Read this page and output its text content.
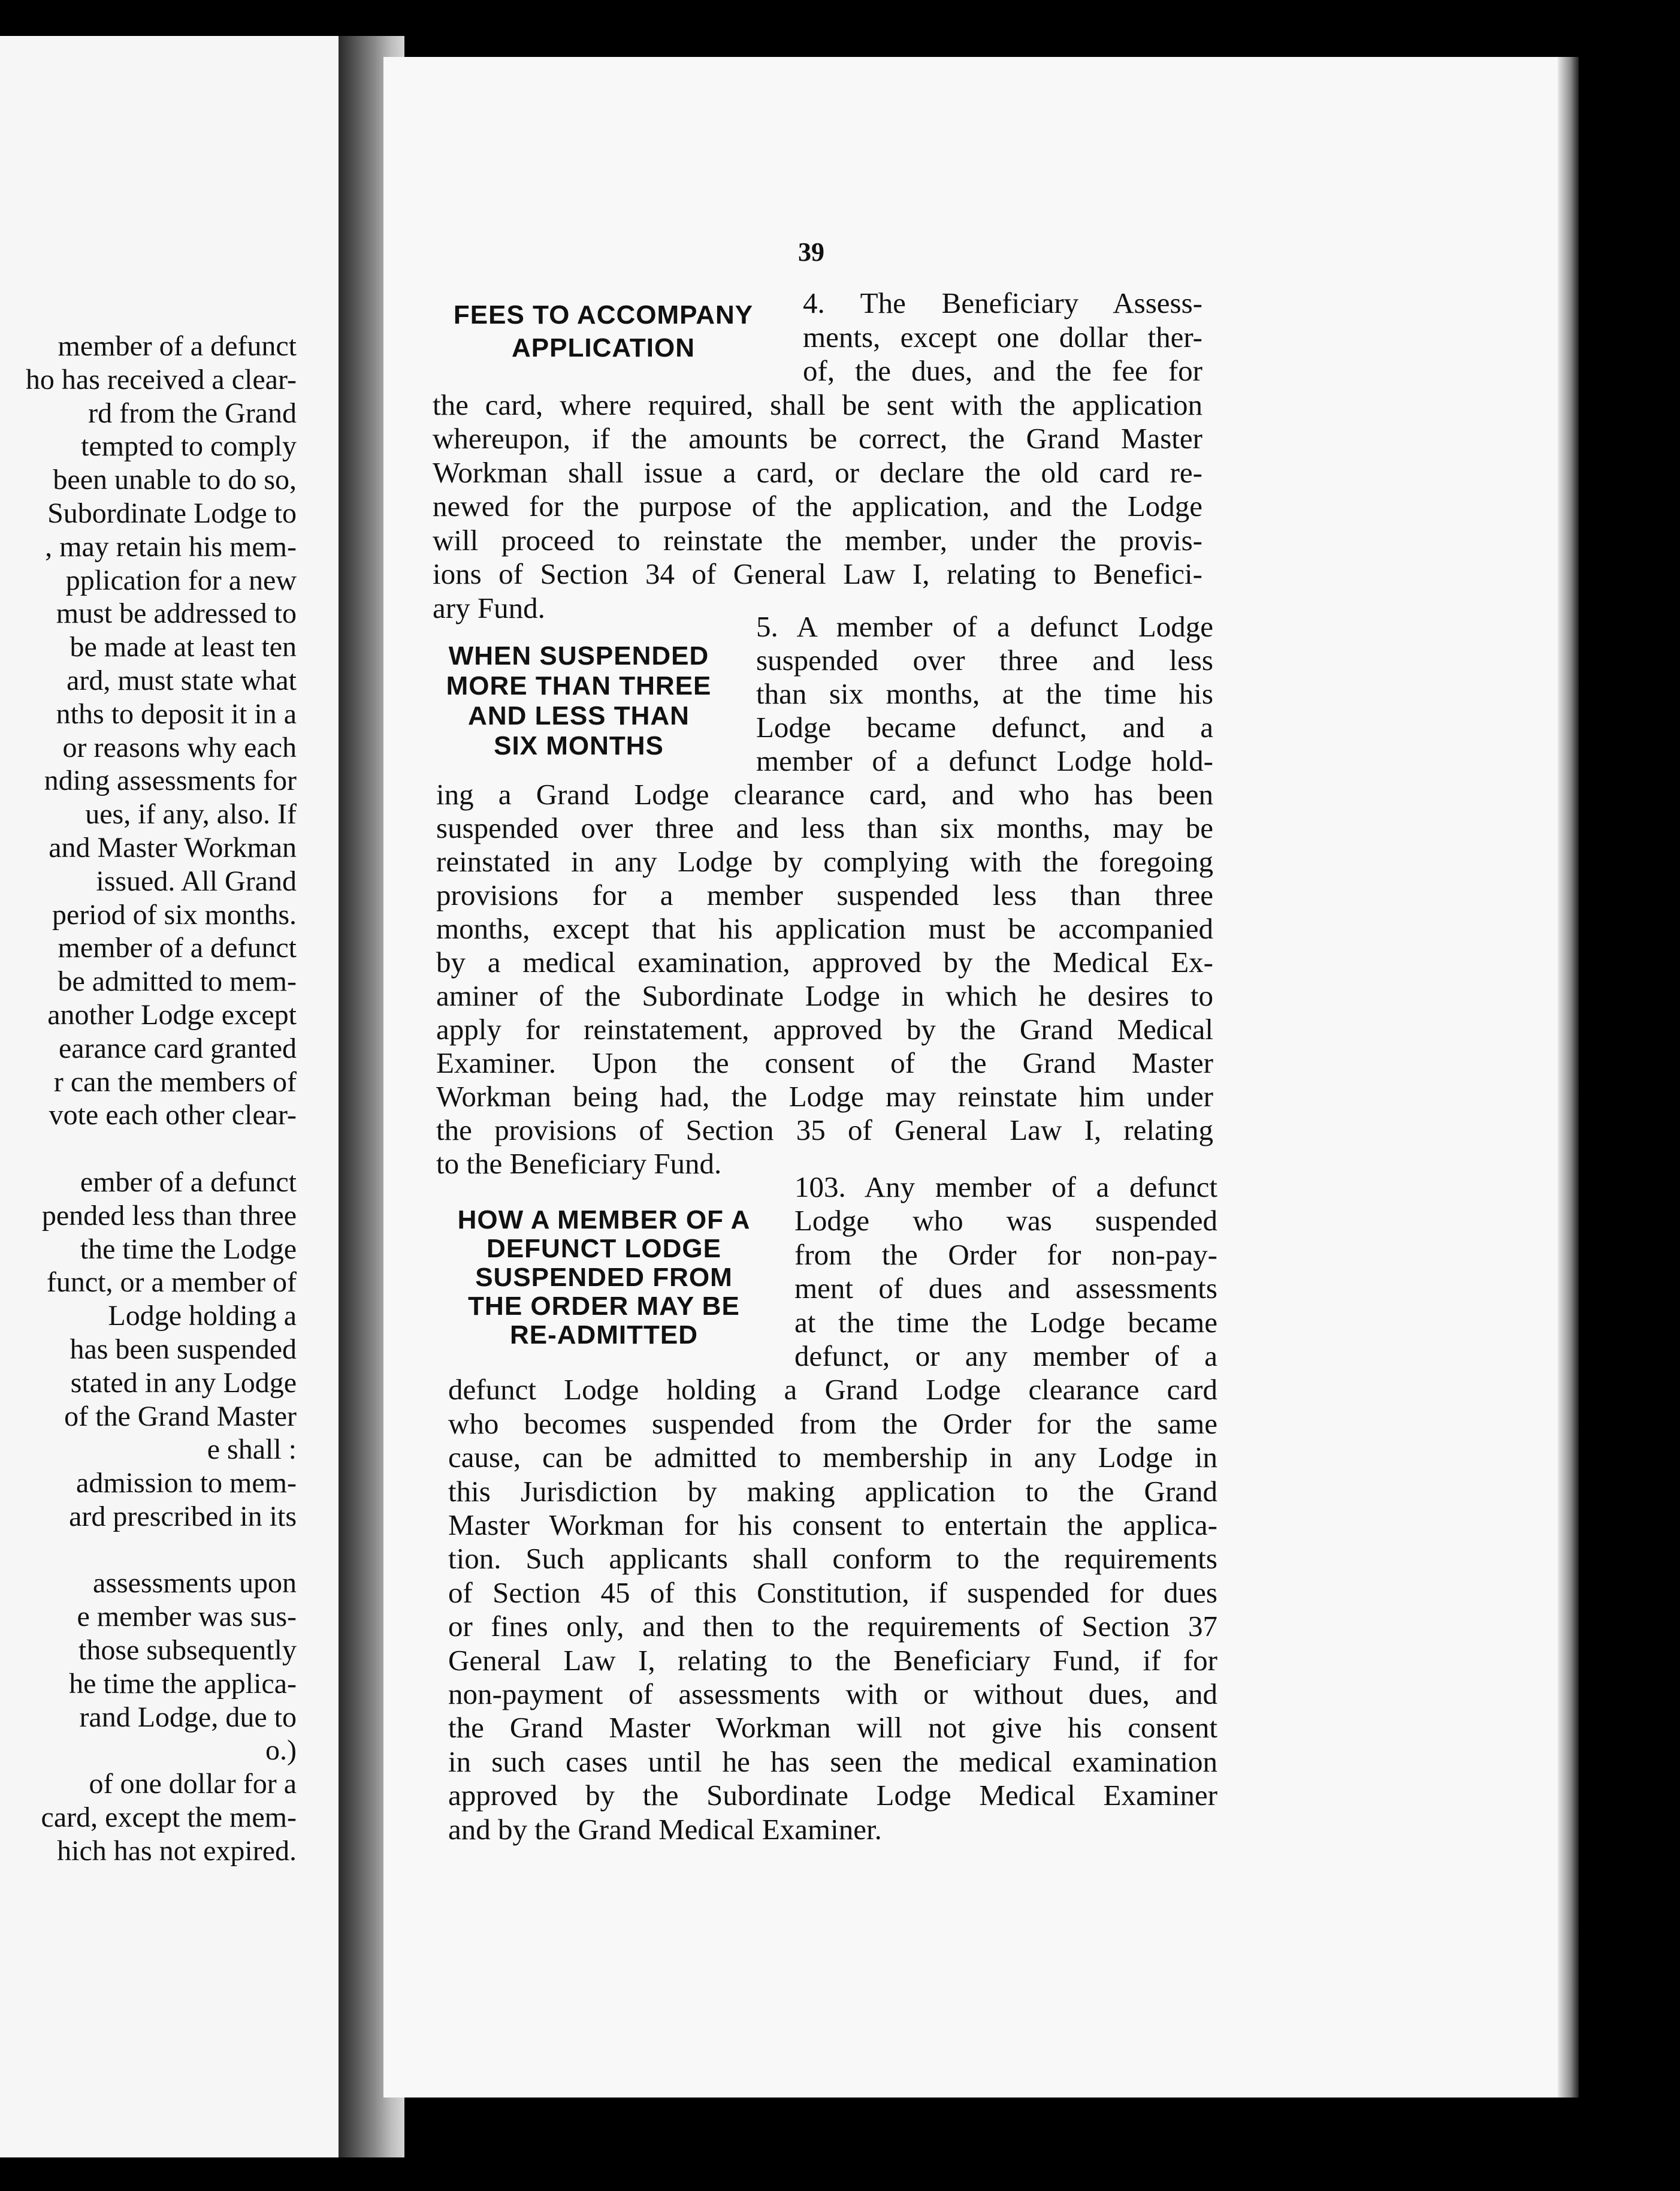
member of a defunct
ho has received a clear-
rd from the Grand
tempted to comply
been unable to do so,
Subordinate Lodge to
, may retain his mem-
pplication for a new
must be addressed to
be made at least ten
ard, must state what
nths to deposit it in a
or reasons why each
nding assessments for
ues, if any, also. If
and Master Workman
issued. All Grand
period of six months.
member of a defunct
be admitted to mem-
another Lodge except
earance card granted
r can the members of
vote each other clear-
ember of a defunct
pended less than three
the time the Lodge
funct, or a member of
Lodge holding a
has been suspended
stated in any Lodge
of the Grand Master
e shall :
admission to mem-
ard prescribed in its
assessments upon
e member was sus-
those subsequently
he time the applica-
rand Lodge, due to
o.)
of one dollar for a
card, except the mem-
hich has not expired.
39
FEES TO ACCOMPANY
APPLICATION
4. The Beneficiary Assess-
ments, except one dollar ther-
of, the dues, and the fee for
the card, where required, shall be sent with the application
whereupon, if the amounts be correct, the Grand Master
Workman shall issue a card, or declare the old card re-
newed for the purpose of the application, and the Lodge
will proceed to reinstate the member, under the provis-
ions of Section 34 of General Law I, relating to Benefici-
ary Fund.
WHEN SUSPENDED
MORE THAN THREE
AND LESS THAN
SIX MONTHS
5. A member of a defunct Lodge
suspended over three and less
than six months, at the time his
Lodge became defunct, and a
member of a defunct Lodge hold-
ing a Grand Lodge clearance card, and who has been
suspended over three and less than six months, may be
reinstated in any Lodge by complying with the foregoing
provisions for a member suspended less than three
months, except that his application must be accompanied
by a medical examination, approved by the Medical Ex-
aminer of the Subordinate Lodge in which he desires to
apply for reinstatement, approved by the Grand Medical
Examiner. Upon the consent of the Grand Master
Workman being had, the Lodge may reinstate him under
the provisions of Section 35 of General Law I, relating
to the Beneficiary Fund.
HOW A MEMBER OF A
DEFUNCT LODGE
SUSPENDED FROM
THE ORDER MAY BE
RE-ADMITTED
103. Any member of a defunct
Lodge who was suspended
from the Order for non-pay-
ment of dues and assessments
at the time the Lodge became
defunct, or any member of a
defunct Lodge holding a Grand Lodge clearance card
who becomes suspended from the Order for the same
cause, can be admitted to membership in any Lodge in
this Jurisdiction by making application to the Grand
Master Workman for his consent to entertain the applica-
tion. Such applicants shall conform to the requirements
of Section 45 of this Constitution, if suspended for dues
or fines only, and then to the requirements of Section 37
General Law I, relating to the Beneficiary Fund, if for
non-payment of assessments with or without dues, and
the Grand Master Workman will not give his consent
in such cases until he has seen the medical examination
approved by the Subordinate Lodge Medical Examiner
and by the Grand Medical Examiner.
